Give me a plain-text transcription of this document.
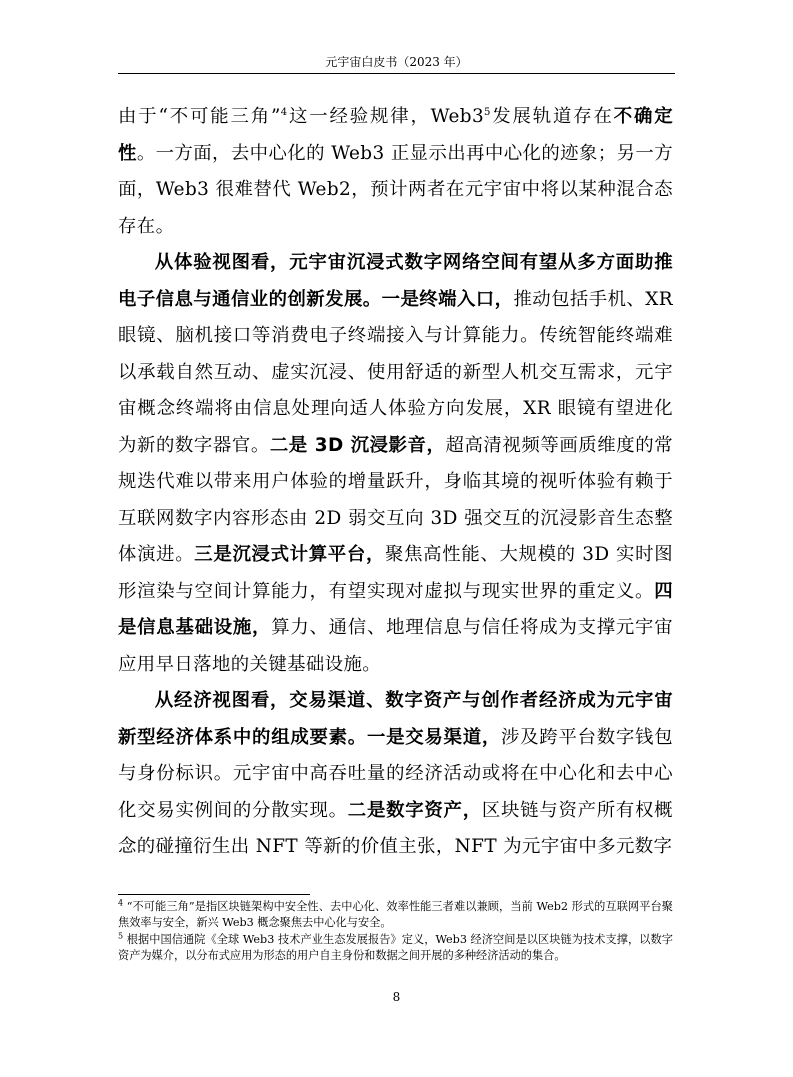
元宇宙白皮书（2023 年）

由于“不可能三角”$^4$这一经验规律，$Web3^5$发展轨道存在不确定性。一方面，去中心化的 Web3 正显示出再中心化的迹象；另一方面，Web3 很难替代 Web2，预计两者在元宇宙中将以某种混合态存在。

从体验视图看，元宇宙沉浸式数字网络空间有望从多方面助推电子信息与通信业的创新发展。一是终端入口，推动包括手机、XR 眼镜、脑机接口等消费电子终端接入与计算能力。传统智能终端难以承载自然互动、虚实沉浸、使用舒适的新型人机交互需求，元宇宙概念终端将由信息处理向适人体验方向发展，XR 眼镜有望进化为新的数字器官。二是 3D 沉浸影音，超高清视频等画质维度的常规迭代难以带来用户体验的增量跃升，身临其境的视听体验有赖于互联网数字内容形态由 2D 弱交互向 3D 强交互的沉浸影音生态整体演进。三是沉浸式计算平台，聚焦高性能、大规模的 3D 实时图形渲染与空间计算能力，有望实现对虚拟与现实世界的重定义。四是信息基础设施，算力、通信、地理信息与信任将成为支撑元宇宙应用早日落地的关键基础设施。

从经济视图看，交易渠道、数字资产与创作者经济成为元宇宙新型经济体系中的组成要素。一是交易渠道，涉及跨平台数字钱包与身份标识。元宇宙中高吞吐量的经济活动或将在中心化和去中心化交易实例间的分散实现。二是数字资产，区块链与资产所有权概念的碰撞衍生出 NFT 等新的价值主张，NFT 为元宇宙中多元数字

$^4$ “不可能三角”是指区块链架构中安全性、去中心化、效率性能三者难以兼顾，当前 Web2 形式的互联网平台聚焦效率与安全，新兴 Web3 概念聚焦去中心化与安全。

$^5$ 根据中国信通院《全球 Web3 技术产业生态发展报告》定义，Web3 经济空间是以区块链为技术支撑，以数字资产为媒介，以分布式应用为形态的用户自主身份和数据之间开展的多种经济活动的集合。

8
